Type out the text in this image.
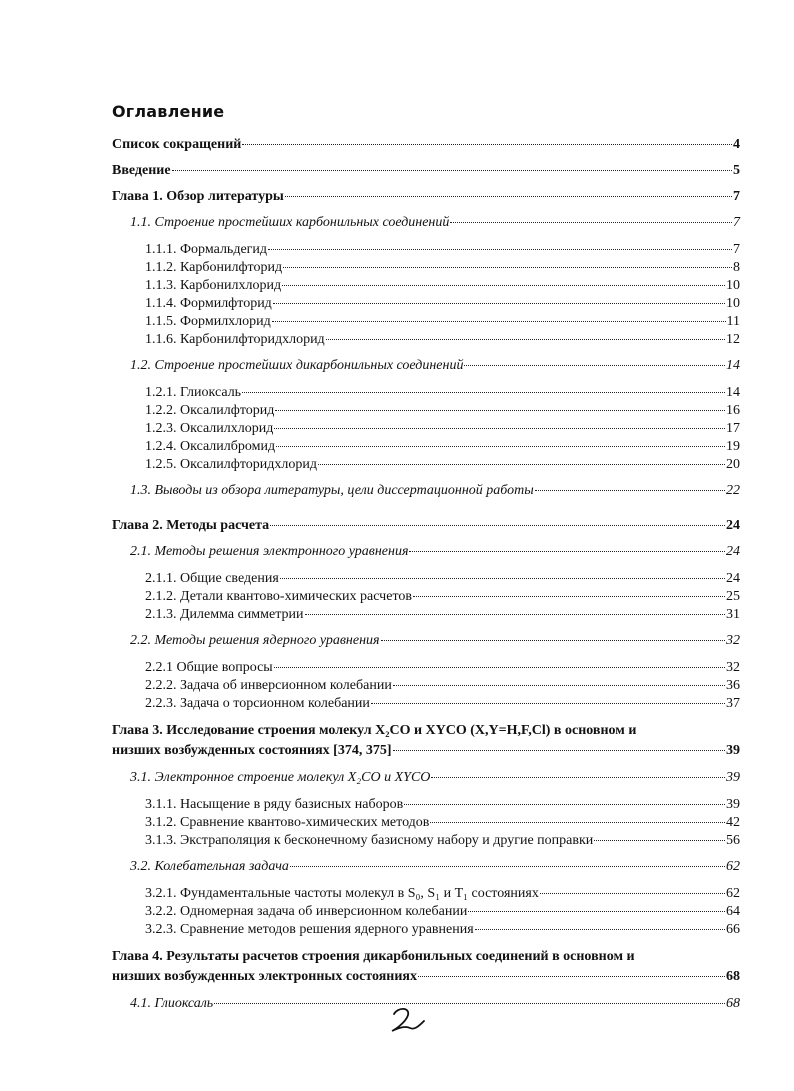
Оглавление
Список сокращений	4
Введение	5
Глава 1. Обзор литературы	7
1.1. Строение простейших карбонильных соединений	7
1.1.1. Формальдегид	7
1.1.2. Карбонилфторид	8
1.1.3. Карбонилхлорид	10
1.1.4. Формилфторид	10
1.1.5. Формилхлорид	11
1.1.6. Карбонилфторидхлорид	12
1.2. Строение простейших дикарбонильных соединений	14
1.2.1. Глиоксаль	14
1.2.2. Оксалилфторид	16
1.2.3. Оксалилхлорид	17
1.2.4. Оксалилбромид	19
1.2.5. Оксалилфторидхлорид	20
1.3. Выводы из обзора литературы, цели диссертационной работы	22
Глава 2. Методы расчета	24
2.1. Методы решения электронного уравнения	24
2.1.1. Общие сведения	24
2.1.2. Детали квантово-химических расчетов	25
2.1.3. Дилемма симметрии	31
2.2. Методы решения ядерного уравнения	32
2.2.1 Общие вопросы	32
2.2.2. Задача об инверсионном колебании	36
2.2.3. Задача о торсионном колебании	37
Глава 3. Исследование строения молекул X₂CO и XYCO (X,Y=H,F,Cl) в основном и
низших возбужденных состояниях [374, 375]	39
3.1. Электронное строение молекул X₂CO и XYCO	39
3.1.1. Насыщение в ряду базисных наборов	39
3.1.2. Сравнение квантово-химических методов	42
3.1.3. Экстраполяция к бесконечному базисному набору и другие поправки	56
3.2. Колебательная задача	62
3.2.1. Фундаментальные частоты молекул в S₀, S₁ и T₁ состояниях	62
3.2.2. Одномерная задача об инверсионном колебании	64
3.2.3. Сравнение методов решения ядерного уравнения	66
Глава 4. Результаты расчетов строения дикарбонильных соединений в основном и
низших возбужденных электронных состояниях	68
4.1. Глиоксаль	68
